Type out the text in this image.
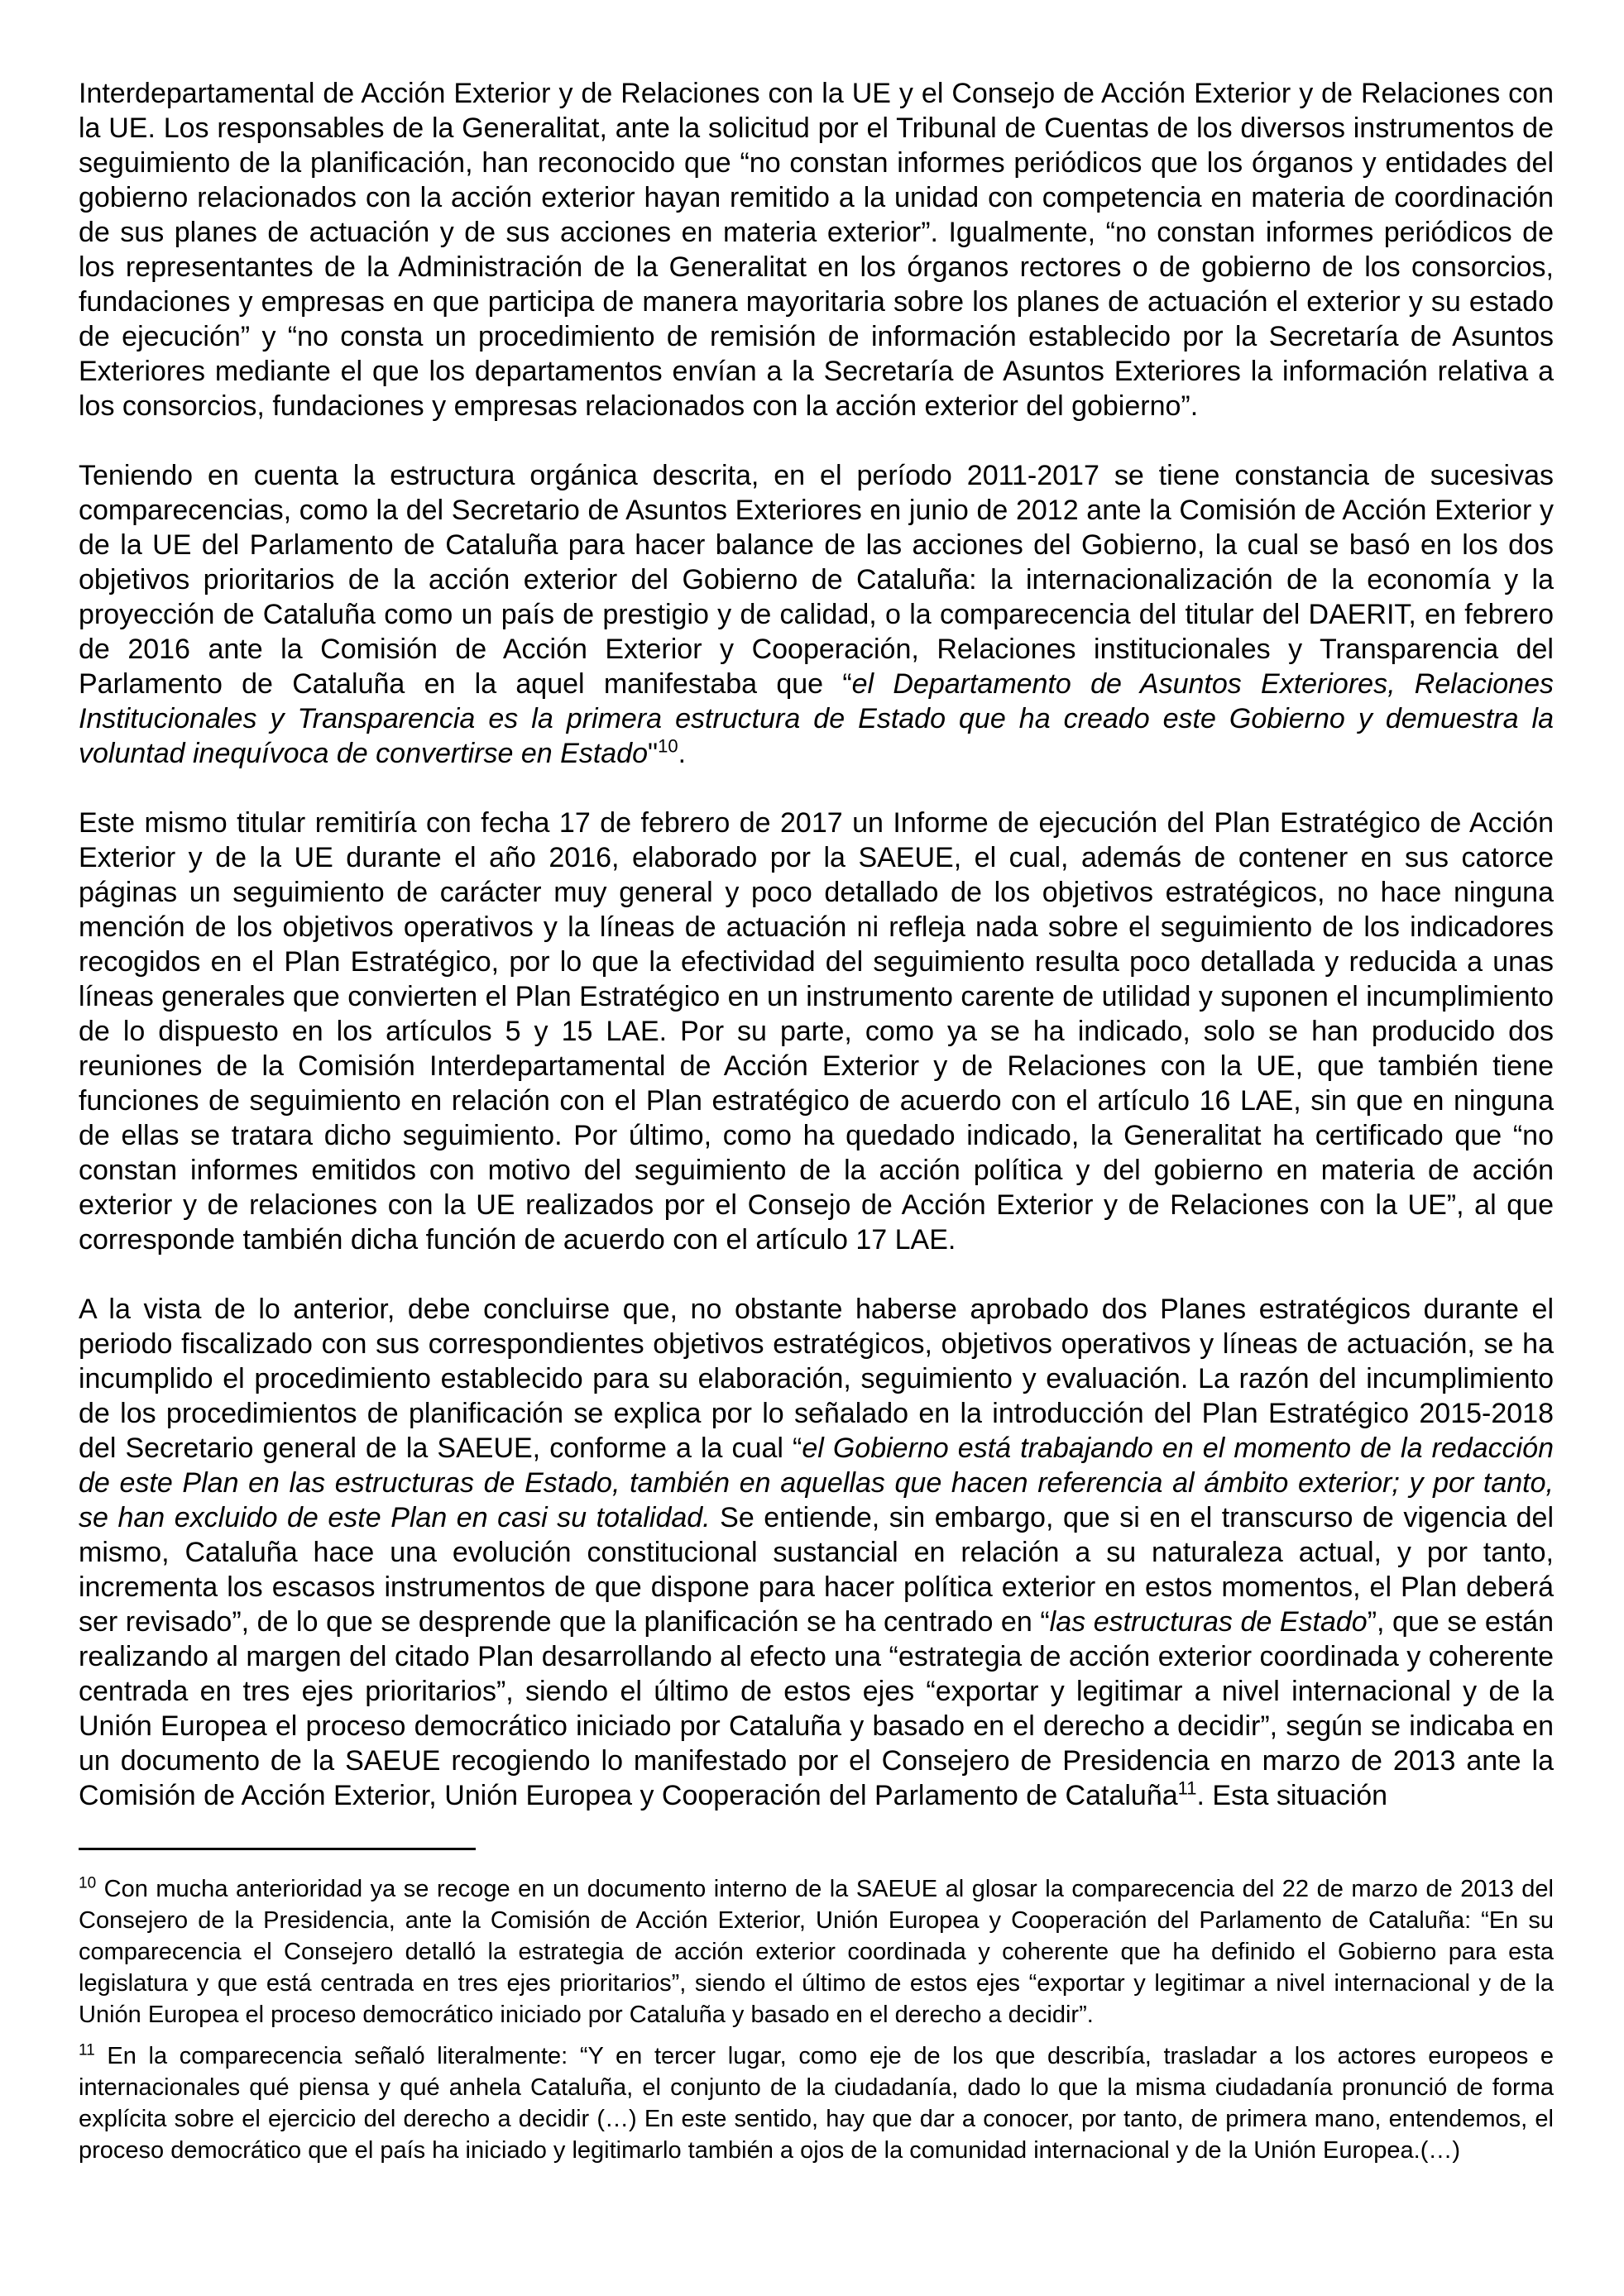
Interdepartamental de Acción Exterior y de Relaciones con la UE y el Consejo de Acción Exterior y de Relaciones con la UE. Los responsables de la Generalitat, ante la solicitud por el Tribunal de Cuentas de los diversos instrumentos de seguimiento de la planificación, han reconocido que “no constan informes periódicos que los órganos y entidades del gobierno relacionados con la acción exterior hayan remitido a la unidad con competencia en materia de coordinación de sus planes de actuación y de sus acciones en materia exterior”. Igualmente, “no constan informes periódicos de los representantes de la Administración de la Generalitat en los órganos rectores o de gobierno de los consorcios, fundaciones y empresas en que participa de manera mayoritaria sobre los planes de actuación el exterior y su estado de ejecución” y “no consta un procedimiento de remisión de información establecido por la Secretaría de Asuntos Exteriores mediante el que los departamentos envían a la Secretaría de Asuntos Exteriores la información relativa a los consorcios, fundaciones y empresas relacionados con la acción exterior del gobierno”.

Teniendo en cuenta la estructura orgánica descrita, en el período 2011-2017 se tiene constancia de sucesivas comparecencias, como la del Secretario de Asuntos Exteriores en junio de 2012 ante la Comisión de Acción Exterior y de la UE del Parlamento de Cataluña para hacer balance de las acciones del Gobierno, la cual se basó en los dos objetivos prioritarios de la acción exterior del Gobierno de Cataluña: la internacionalización de la economía y la proyección de Cataluña como un país de prestigio y de calidad, o la comparecencia del titular del DAERIT, en febrero de 2016 ante la Comisión de Acción Exterior y Cooperación, Relaciones institucionales y Transparencia del Parlamento de Cataluña en la aquel manifestaba que “el Departamento de Asuntos Exteriores, Relaciones Institucionales y Transparencia es la primera estructura de Estado que ha creado este Gobierno y demuestra la voluntad inequívoca de convertirse en Estado"$^{10}$.

Este mismo titular remitiría con fecha 17 de febrero de 2017 un Informe de ejecución del Plan Estratégico de Acción Exterior y de la UE durante el año 2016, elaborado por la SAEUE, el cual, además de contener en sus catorce páginas un seguimiento de carácter muy general y poco detallado de los objetivos estratégicos, no hace ninguna mención de los objetivos operativos y la líneas de actuación ni refleja nada sobre el seguimiento de los indicadores recogidos en el Plan Estratégico, por lo que la efectividad del seguimiento resulta poco detallada y reducida a unas líneas generales que convierten el Plan Estratégico en un instrumento carente de utilidad y suponen el incumplimiento de lo dispuesto en los artículos 5 y 15 LAE. Por su parte, como ya se ha indicado, solo se han producido dos reuniones de la Comisión Interdepartamental de Acción Exterior y de Relaciones con la UE, que también tiene funciones de seguimiento en relación con el Plan estratégico de acuerdo con el artículo 16 LAE, sin que en ninguna de ellas se tratara dicho seguimiento. Por último, como ha quedado indicado, la Generalitat ha certificado que “no constan informes emitidos con motivo del seguimiento de la acción política y del gobierno en materia de acción exterior y de relaciones con la UE realizados por el Consejo de Acción Exterior y de Relaciones con la UE”, al que corresponde también dicha función de acuerdo con el artículo 17 LAE.

A la vista de lo anterior, debe concluirse que, no obstante haberse aprobado dos Planes estratégicos durante el periodo fiscalizado con sus correspondientes objetivos estratégicos, objetivos operativos y líneas de actuación, se ha incumplido el procedimiento establecido para su elaboración, seguimiento y evaluación. La razón del incumplimiento de los procedimientos de planificación se explica por lo señalado en la introducción del Plan Estratégico 2015-2018 del Secretario general de la SAEUE, conforme a la cual “el Gobierno está trabajando en el momento de la redacción de este Plan en las estructuras de Estado, también en aquellas que hacen referencia al ámbito exterior; y por tanto, se han excluido de este Plan en casi su totalidad. Se entiende, sin embargo, que si en el transcurso de vigencia del mismo, Cataluña hace una evolución constitucional sustancial en relación a su naturaleza actual, y por tanto, incrementa los escasos instrumentos de que dispone para hacer política exterior en estos momentos, el Plan deberá ser revisado”, de lo que se desprende que la planificación se ha centrado en “las estructuras de Estado”, que se están realizando al margen del citado Plan desarrollando al efecto una “estrategia de acción exterior coordinada y coherente centrada en tres ejes prioritarios”, siendo el último de estos ejes “exportar y legitimar a nivel internacional y de la Unión Europea el proceso democrático iniciado por Cataluña y basado en el derecho a decidir”, según se indicaba en un documento de la SAEUE recogiendo lo manifestado por el Consejero de Presidencia en marzo de 2013 ante la Comisión de Acción Exterior, Unión Europea y Cooperación del Parlamento de Cataluña$^{11}$. Esta situación

$^{10}$ Con mucha anterioridad ya se recoge en un documento interno de la SAEUE al glosar la comparecencia del 22 de marzo de 2013 del Consejero de la Presidencia, ante la Comisión de Acción Exterior, Unión Europea y Cooperación del Parlamento de Cataluña: “En su comparecencia el Consejero detalló la estrategia de acción exterior coordinada y coherente que ha definido el Gobierno para esta legislatura y que está centrada en tres ejes prioritarios”, siendo el último de estos ejes “exportar y legitimar a nivel internacional y de la Unión Europea el proceso democrático iniciado por Cataluña y basado en el derecho a decidir”.

$^{11}$ En la comparecencia señaló literalmente: “Y en tercer lugar, como eje de los que describía, trasladar a los actores europeos e internacionales qué piensa y qué anhela Cataluña, el conjunto de la ciudadanía, dado lo que la misma ciudadanía pronunció de forma explícita sobre el ejercicio del derecho a decidir (…) En este sentido, hay que dar a conocer, por tanto, de primera mano, entendemos, el proceso democrático que el país ha iniciado y legitimarlo también a ojos de la comunidad internacional y de la Unión Europea.(…)
